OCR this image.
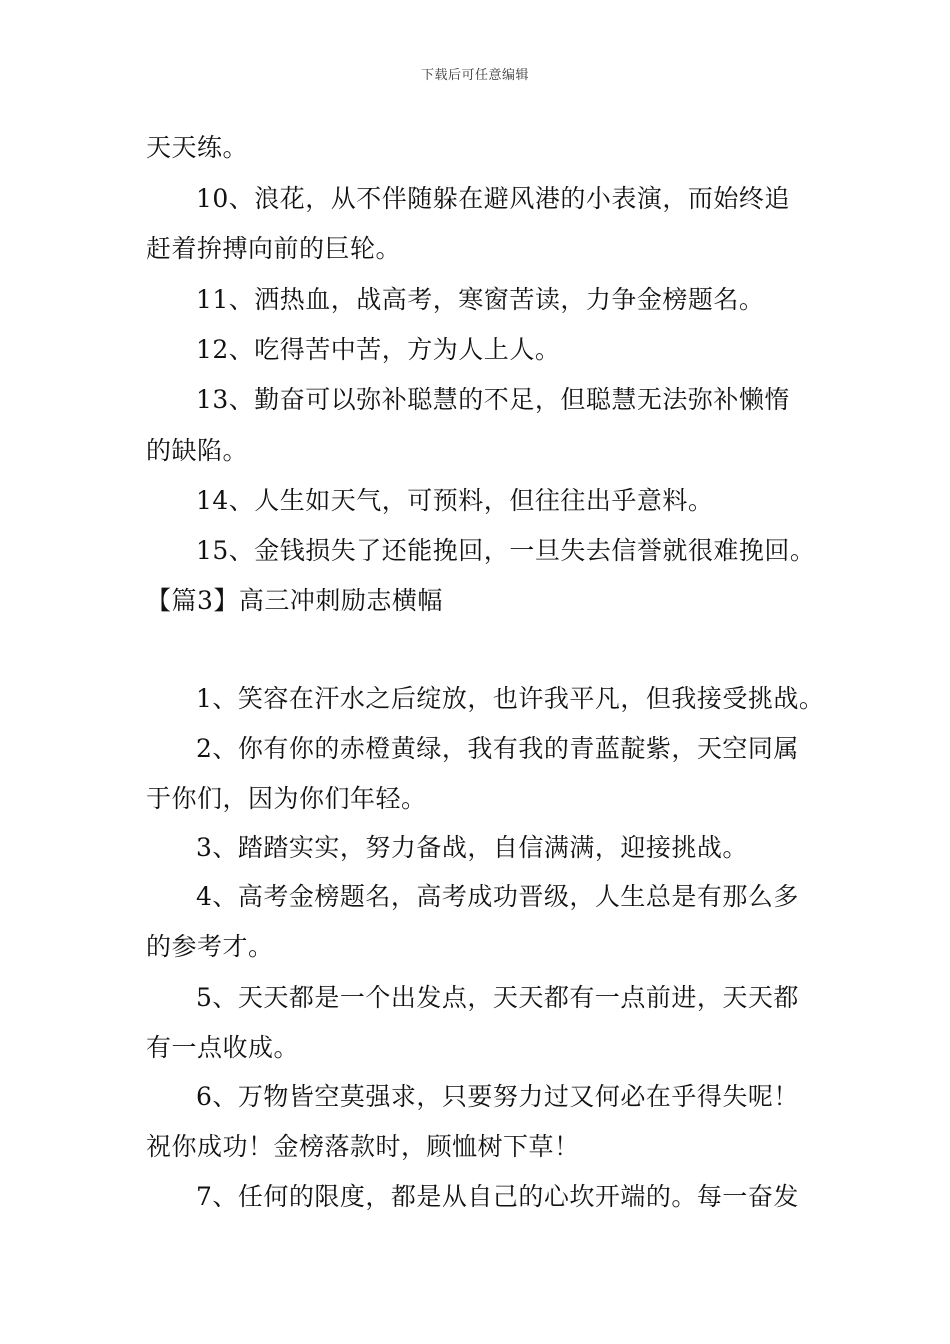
下载后可任意编辑
天天练。
10、浪花，从不伴随躲在避风港的小表演，而始终追
赶着拚搏向前的巨轮。
11、洒热血，战高考，寒窗苦读，力争金榜题名。
12、吃得苦中苦，方为人上人。
13、勤奋可以弥补聪慧的不足，但聪慧无法弥补懒惰
的缺陷。
14、人生如天气，可预料，但往往出乎意料。
15、金钱损失了还能挽回，一旦失去信誉就很难挽回。
【篇3】高三冲刺励志横幅
1、笑容在汗水之后绽放，也许我平凡，但我接受挑战。
2、你有你的赤橙黄绿，我有我的青蓝靛紫，天空同属
于你们，因为你们年轻。
3、踏踏实实，努力备战，自信满满，迎接挑战。
4、高考金榜题名，高考成功晋级，人生总是有那么多
的参考才。
5、天天都是一个出发点，天天都有一点前进，天天都
有一点收成。
6、万物皆空莫强求，只要努力过又何必在乎得失呢！
祝你成功！金榜落款时，顾恤树下草！
7、任何的限度，都是从自己的心坎开端的。每一奋发
